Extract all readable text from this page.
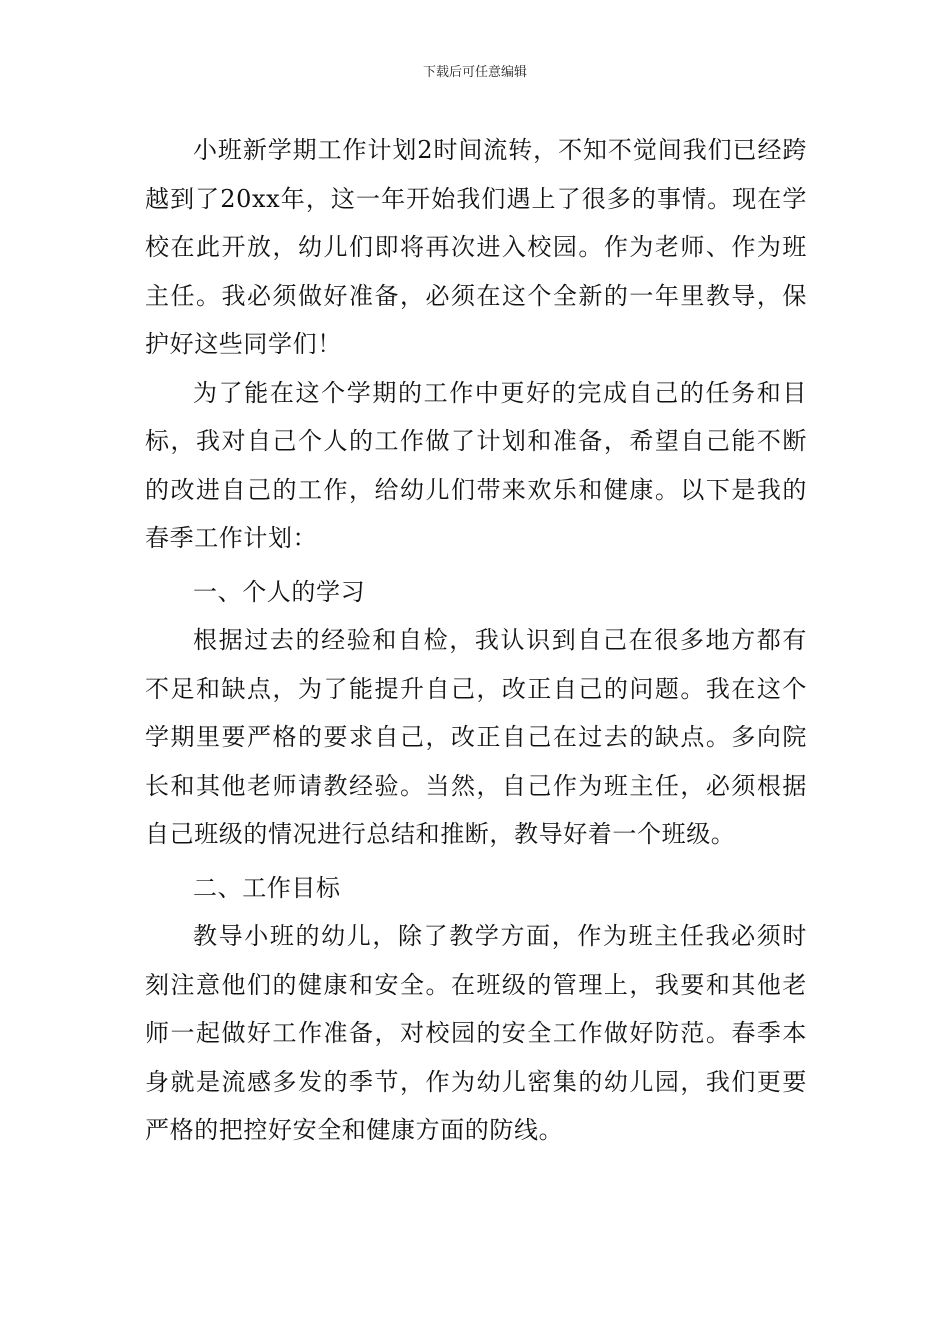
下载后可任意编辑

小班新学期工作计划2时间流转，不知不觉间我们已经跨越到了20xx年，这一年开始我们遇上了很多的事情。现在学校在此开放，幼儿们即将再次进入校园。作为老师、作为班主任。我必须做好准备，必须在这个全新的一年里教导，保护好这些同学们！

为了能在这个学期的工作中更好的完成自己的任务和目标，我对自己个人的工作做了计划和准备，希望自己能不断的改进自己的工作，给幼儿们带来欢乐和健康。以下是我的春季工作计划：

一、个人的学习

根据过去的经验和自检，我认识到自己在很多地方都有不足和缺点，为了能提升自己，改正自己的问题。我在这个学期里要严格的要求自己，改正自己在过去的缺点。多向院长和其他老师请教经验。当然，自己作为班主任，必须根据自己班级的情况进行总结和推断，教导好着一个班级。

二、工作目标

教导小班的幼儿，除了教学方面，作为班主任我必须时刻注意他们的健康和安全。在班级的管理上，我要和其他老师一起做好工作准备，对校园的安全工作做好防范。春季本身就是流感多发的季节，作为幼儿密集的幼儿园，我们更要严格的把控好安全和健康方面的防线。
